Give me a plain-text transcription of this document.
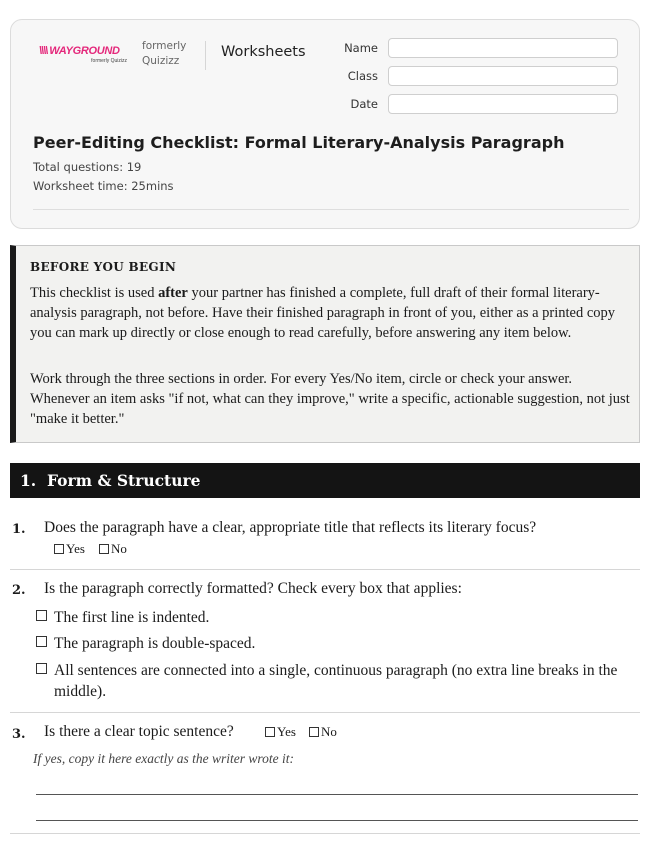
\\\\ WAYGROUND
formerly Quizizz
formerly
Quizizz
Worksheets	Name
Class
Date
Peer-Editing Checklist: Formal Literary-Analysis Paragraph
Total questions: 19
Worksheet time: 25mins
BEFORE YOU BEGIN
This checklist is used after your partner has finished a complete, full draft of their formal literary-analysis paragraph, not before. Have their finished paragraph in front of you, either as a printed copy you can mark up directly or close enough to read carefully, before answering any item below.
Work through the three sections in order. For every Yes/No item, circle or check your answer. Whenever an item asks "if not, what can they improve," write a specific, actionable suggestion, not just "make it better."
1. Form & Structure
1. Does the paragraph have a clear, appropriate title that reflects its literary focus?
Yes	No
2. Is the paragraph correctly formatted? Check every box that applies:
The first line is indented.
The paragraph is double-spaced.
All sentences are connected into a single, continuous paragraph (no extra line breaks in the middle).
3. Is there a clear topic sentence?	Yes	No
If yes, copy it here exactly as the writer wrote it:
